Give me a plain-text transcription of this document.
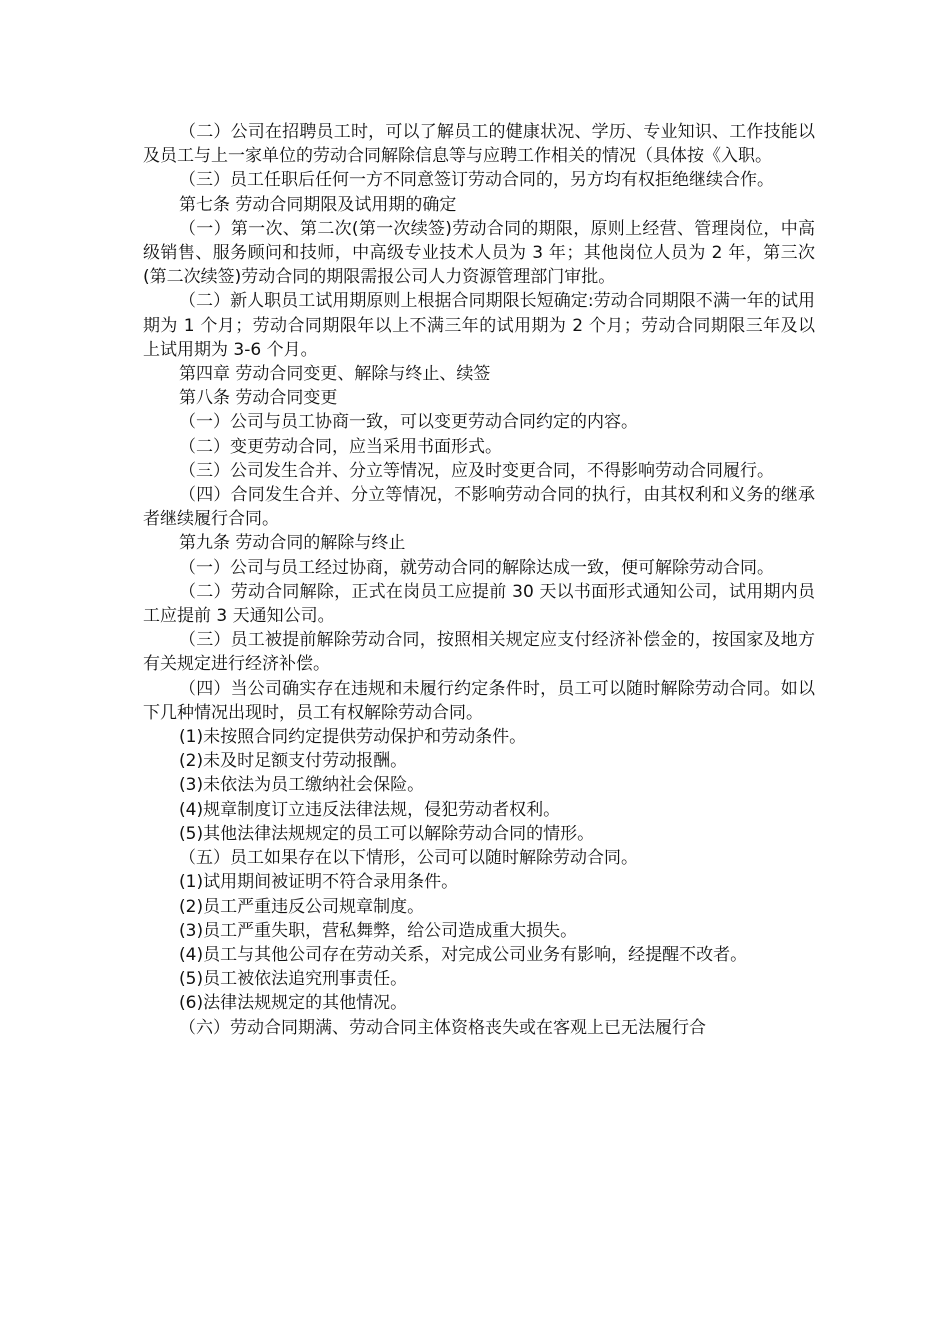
（二）公司在招聘员工时，可以了解员工的健康状况、学历、专业知识、工作技能以及员工与上一家单位的劳动合同解除信息等与应聘工作相关的情况（具体按《入职。

（三）员工任职后任何一方不同意签订劳动合同的，另方均有权拒绝继续合作。

第七条 劳动合同期限及试用期的确定

（一）第一次、第二次(第一次续签)劳动合同的期限，原则上经营、管理岗位，中高级销售、服务顾问和技师，中高级专业技术人员为 3 年；其他岗位人员为 2 年，第三次(第二次续签)劳动合同的期限需报公司人力资源管理部门审批。

（二）新人职员工试用期原则上根据合同期限长短确定:劳动合同期限不满一年的试用期为 1 个月；劳动合同期限年以上不满三年的试用期为 2 个月；劳动合同期限三年及以上试用期为 3-6 个月。

第四章 劳动合同变更、解除与终止、续签

第八条 劳动合同变更

（一）公司与员工协商一致，可以变更劳动合同约定的内容。

（二）变更劳动合同，应当采用书面形式。

（三）公司发生合并、分立等情况，应及时变更合同，不得影响劳动合同履行。

（四）合同发生合并、分立等情况，不影响劳动合同的执行，由其权利和义务的继承者继续履行合同。

第九条 劳动合同的解除与终止

（一）公司与员工经过协商，就劳动合同的解除达成一致，便可解除劳动合同。

（二）劳动合同解除，正式在岗员工应提前 30 天以书面形式通知公司，试用期内员工应提前 3 天通知公司。

（三）员工被提前解除劳动合同，按照相关规定应支付经济补偿金的，按国家及地方有关规定进行经济补偿。

（四）当公司确实存在违规和未履行约定条件时，员工可以随时解除劳动合同。如以下几种情况出现时，员工有权解除劳动合同。

(1)未按照合同约定提供劳动保护和劳动条件。

(2)未及时足额支付劳动报酬。

(3)未依法为员工缴纳社会保险。

(4)规章制度订立违反法律法规，侵犯劳动者权利。

(5)其他法律法规规定的员工可以解除劳动合同的情形。

（五）员工如果存在以下情形，公司可以随时解除劳动合同。

(1)试用期间被证明不符合录用条件。

(2)员工严重违反公司规章制度。

(3)员工严重失职，营私舞弊，给公司造成重大损失。

(4)员工与其他公司存在劳动关系，对完成公司业务有影响，经提醒不改者。

(5)员工被依法追究刑事责任。

(6)法律法规规定的其他情况。

（六）劳动合同期满、劳动合同主体资格丧失或在客观上已无法履行合
